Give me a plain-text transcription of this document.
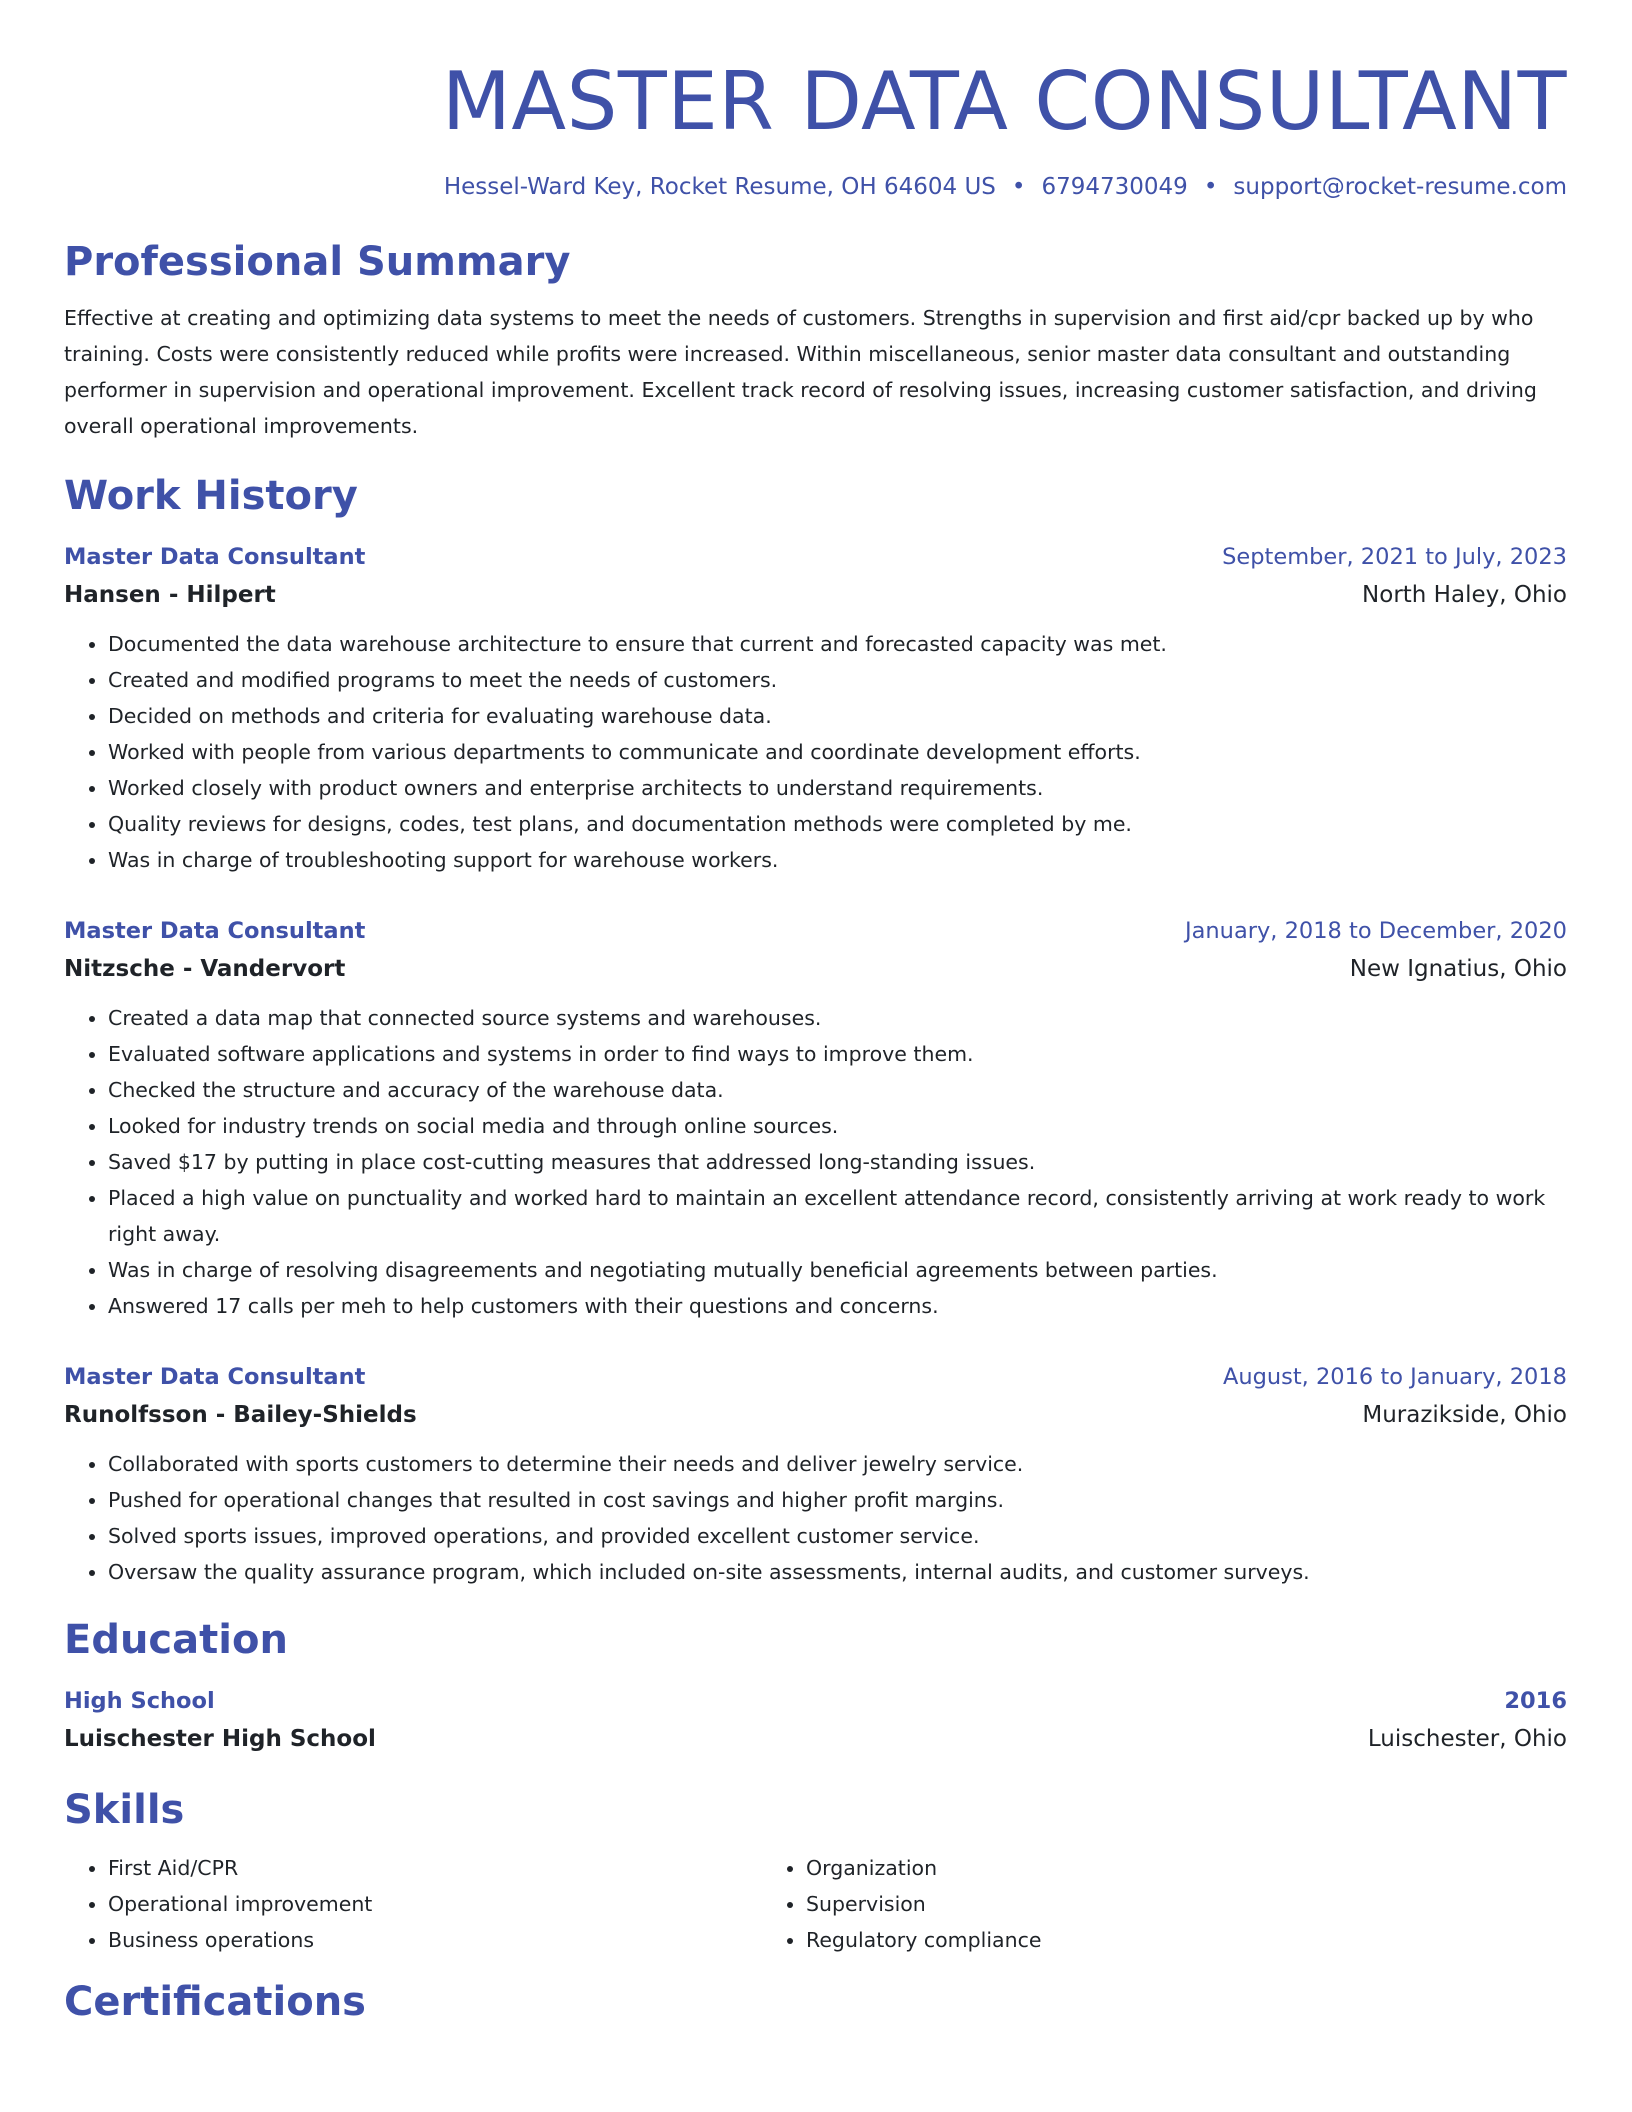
MASTER DATA CONSULTANT
Hessel-Ward Key, Rocket Resume, OH 64604 US • 6794730049 • support@rocket-resume.com
Professional Summary
Effective at creating and optimizing data systems to meet the needs of customers. Strengths in supervision and first aid/cpr backed up by who training. Costs were consistently reduced while profits were increased. Within miscellaneous, senior master data consultant and outstanding performer in supervision and operational improvement. Excellent track record of resolving issues, increasing customer satisfaction, and driving overall operational improvements.
Work History
Master Data Consultant	September, 2021 to July, 2023
Hansen - Hilpert	North Haley, Ohio
• Documented the data warehouse architecture to ensure that current and forecasted capacity was met.
• Created and modified programs to meet the needs of customers.
• Decided on methods and criteria for evaluating warehouse data.
• Worked with people from various departments to communicate and coordinate development efforts.
• Worked closely with product owners and enterprise architects to understand requirements.
• Quality reviews for designs, codes, test plans, and documentation methods were completed by me.
• Was in charge of troubleshooting support for warehouse workers.
Master Data Consultant	January, 2018 to December, 2020
Nitzsche - Vandervort	New Ignatius, Ohio
• Created a data map that connected source systems and warehouses.
• Evaluated software applications and systems in order to find ways to improve them.
• Checked the structure and accuracy of the warehouse data.
• Looked for industry trends on social media and through online sources.
• Saved $17 by putting in place cost-cutting measures that addressed long-standing issues.
• Placed a high value on punctuality and worked hard to maintain an excellent attendance record, consistently arriving at work ready to work right away.
• Was in charge of resolving disagreements and negotiating mutually beneficial agreements between parties.
• Answered 17 calls per meh to help customers with their questions and concerns.
Master Data Consultant	August, 2016 to January, 2018
Runolfsson - Bailey-Shields	Murazikside, Ohio
• Collaborated with sports customers to determine their needs and deliver jewelry service.
• Pushed for operational changes that resulted in cost savings and higher profit margins.
• Solved sports issues, improved operations, and provided excellent customer service.
• Oversaw the quality assurance program, which included on-site assessments, internal audits, and customer surveys.
Education
High School	2016
Luischester High School	Luischester, Ohio
Skills
• First Aid/CPR
• Operational improvement
• Business operations
• Organization
• Supervision
• Regulatory compliance
Certifications
